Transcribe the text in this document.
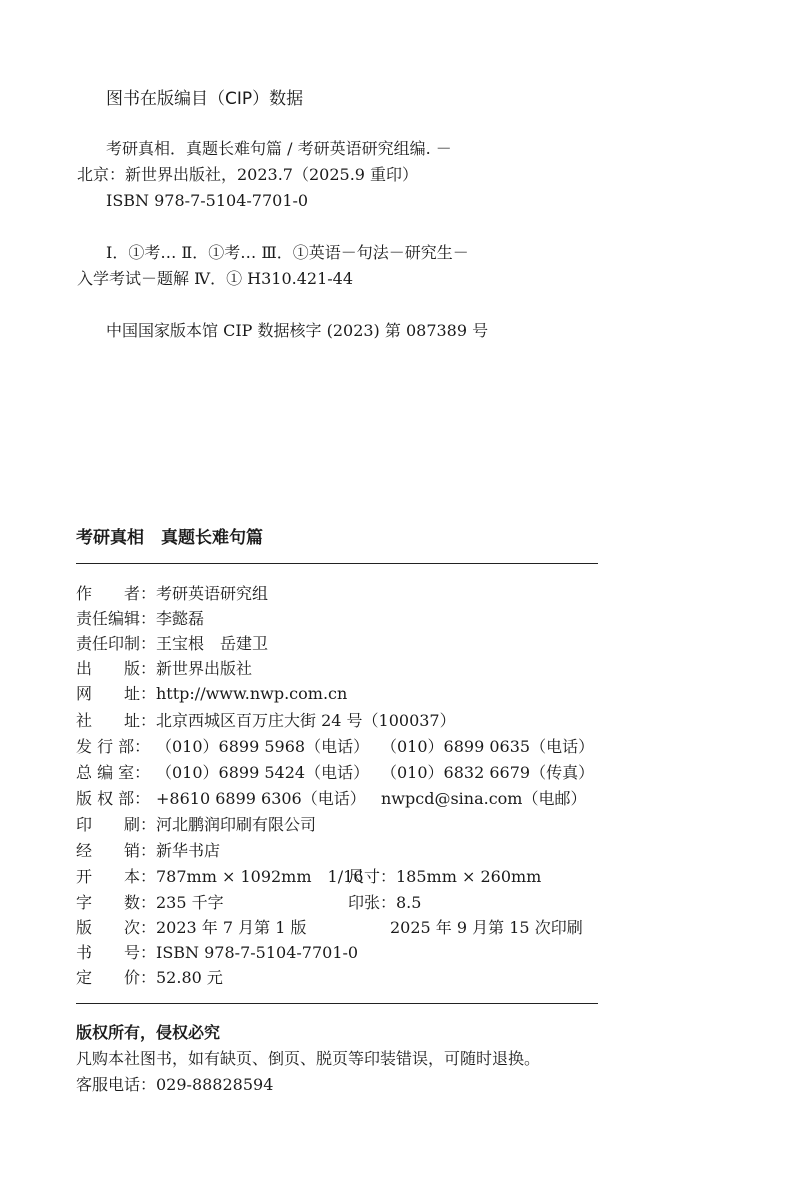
图书在版编目（CIP）数据
考研真相．真题长难句篇 / 考研英语研究组编. －
北京：新世界出版社，2023.7（2025.9 重印）
ISBN 978-7-5104-7701-0
Ⅰ．①考… Ⅱ．①考… Ⅲ．①英语－句法－研究生－
入学考试－题解 Ⅳ．① H310.421-44
中国国家版本馆 CIP 数据核字 (2023) 第 087389 号
考研真相　真题长难句篇
作　　者： 考研英语研究组
责任编辑： 李懿磊
责任印制： 王宝根　岳建卫
出　　版： 新世界出版社
网　　址： http://www.nwp.com.cn
社　　址： 北京西城区百万庄大街 24 号（100037）
发 行 部： （010）6899 5968（电话） （010）6899 0635（电话）
总 编 室： （010）6899 5424（电话） （010）6832 6679（传真）
版 权 部： +8610 6899 6306（电话） nwpcd@sina.com（电邮）
印　　刷： 河北鹏润印刷有限公司
经　　销： 新华书店
开　　本： 787mm × 1092mm　1/16
尺寸：185mm × 260mm
字　　数： 235 千字	印张：8.5
版　　次： 2023 年 7 月第 1 版	2025 年 9 月第 15 次印刷
书　　号： ISBN 978-7-5104-7701-0
定　　价： 52.80 元
版权所有，侵权必究
凡购本社图书，如有缺页、倒页、脱页等印装错误，可随时退换。
客服电话：029-88828594
